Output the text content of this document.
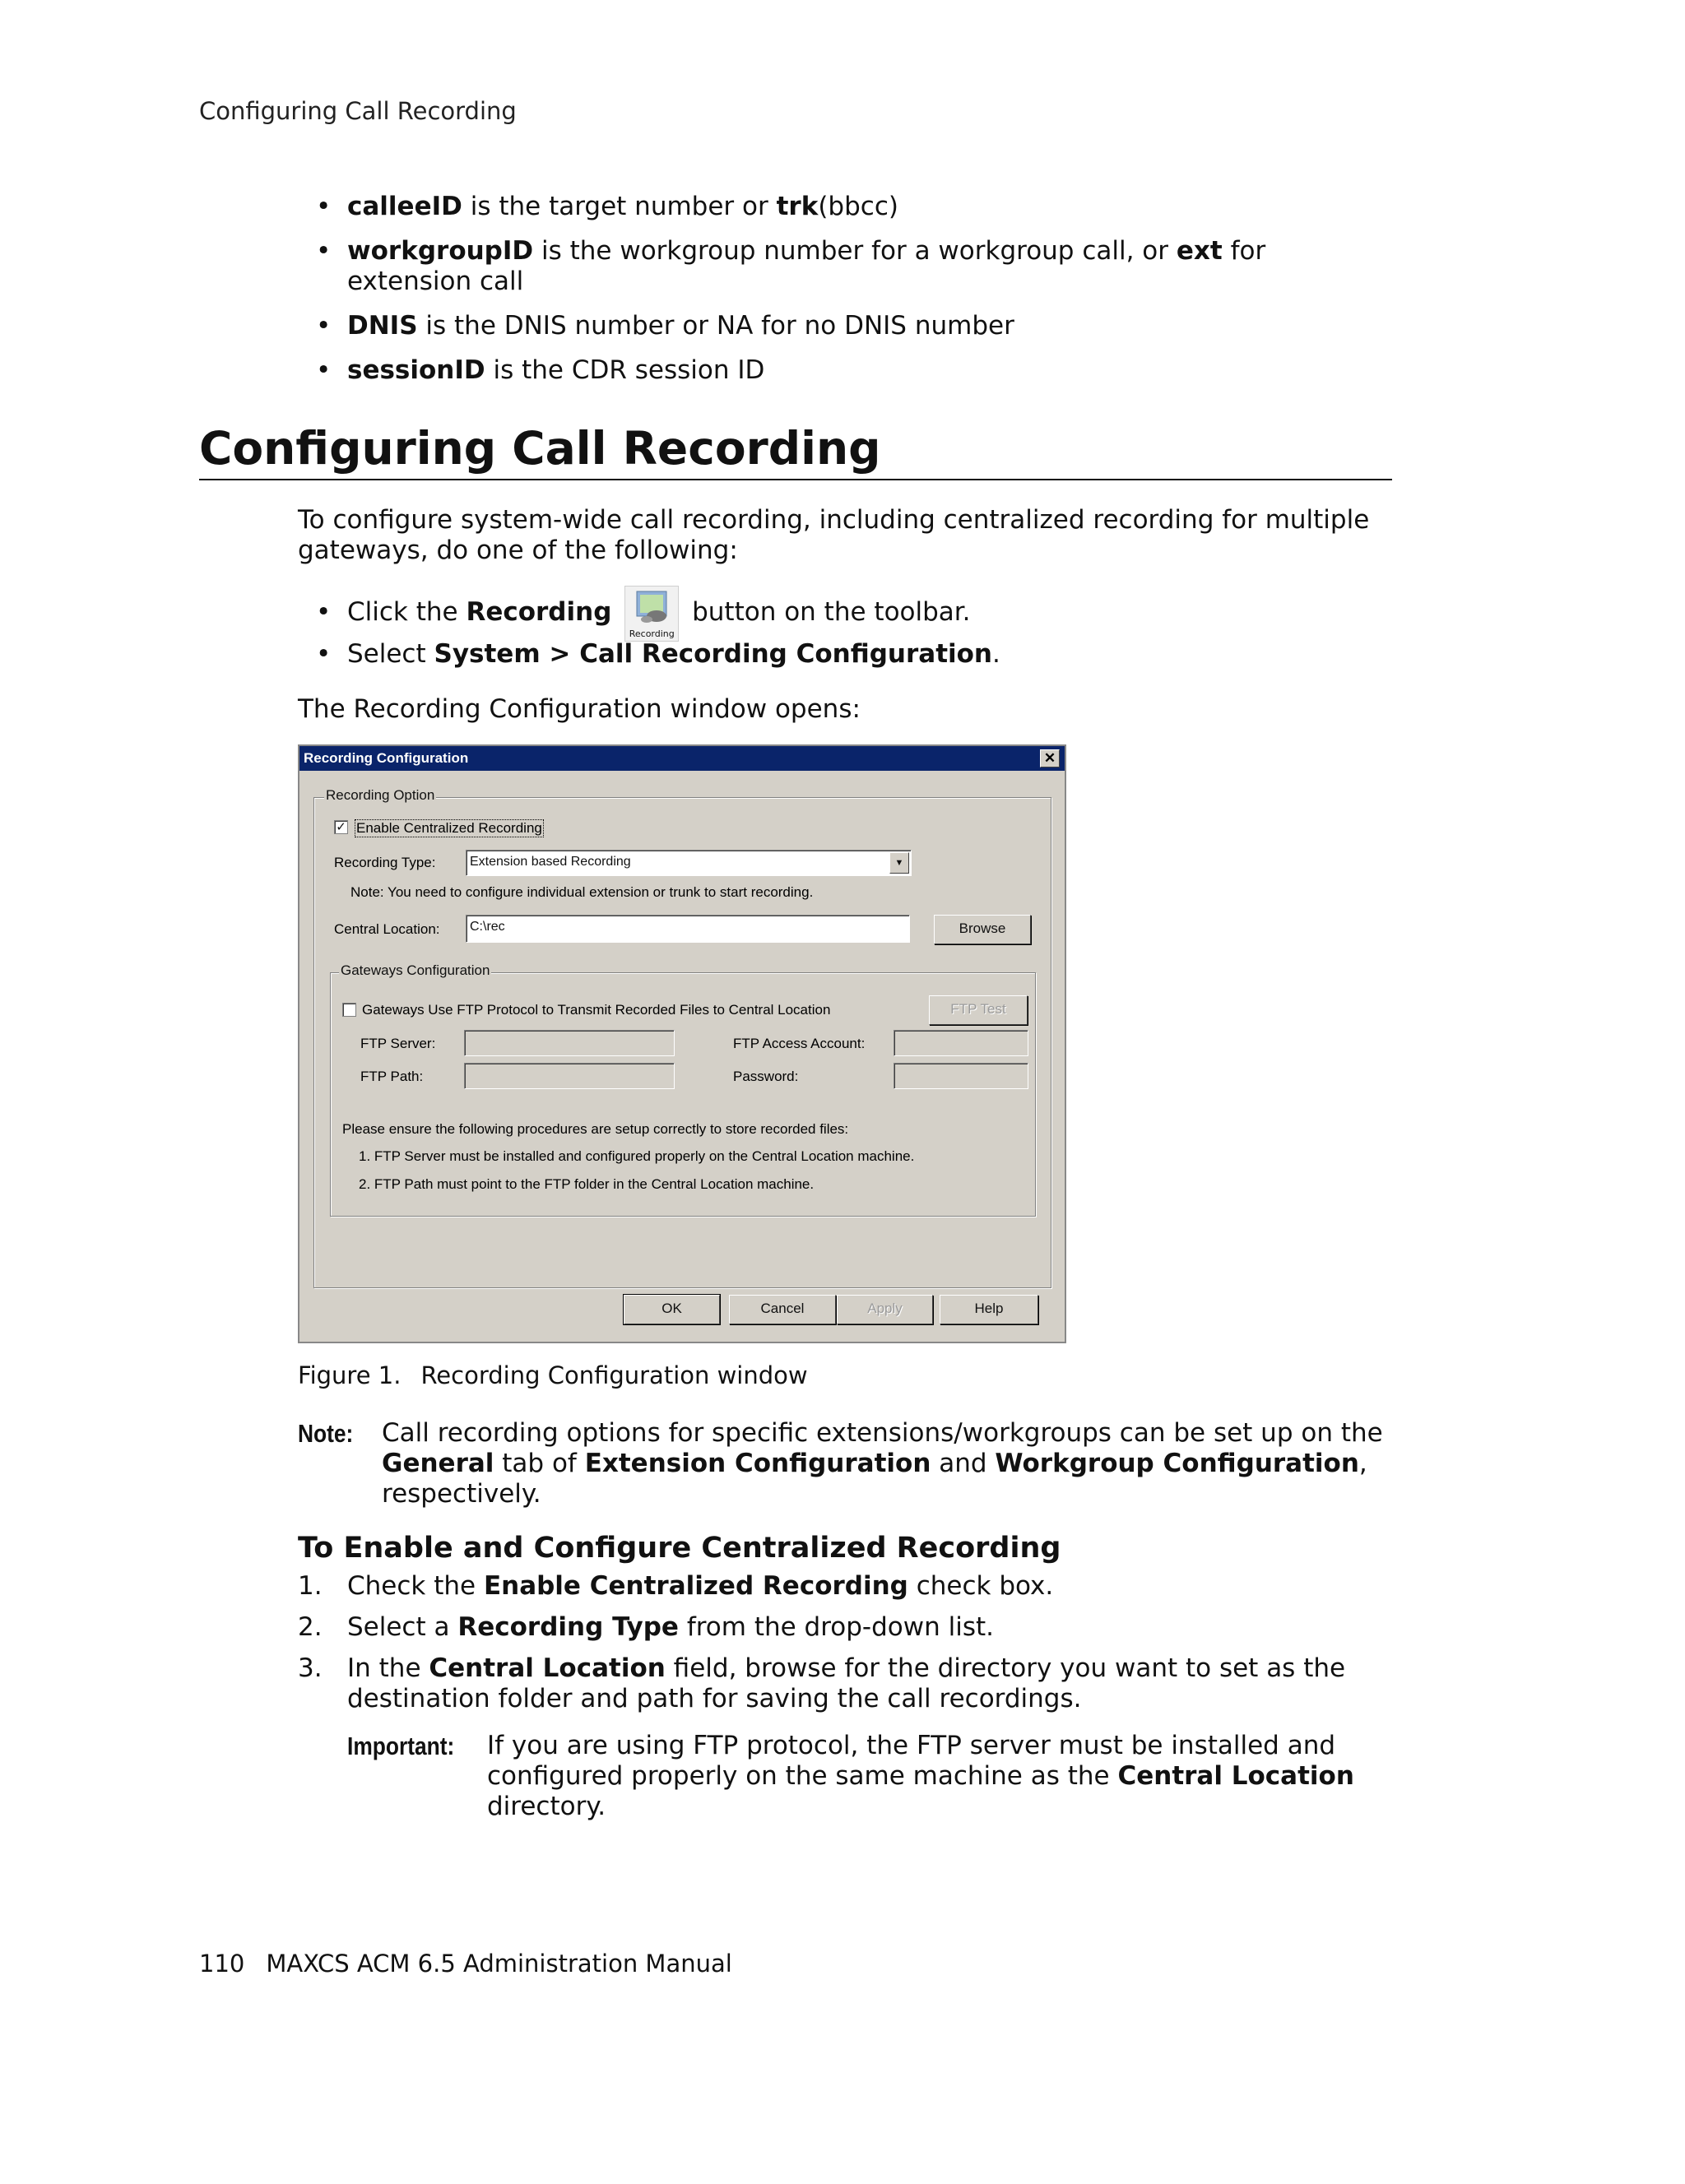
Configuring Call Recording
• calleeID is the target number or trk(bbcc)
• workgroupID is the workgroup number for a workgroup call, or ext for extension call
• DNIS is the DNIS number or NA for no DNIS number
• sessionID is the CDR session ID
Configuring Call Recording
To configure system-wide call recording, including centralized recording for multiple gateways, do one of the following:
• Click the Recording
Recording
button on the toolbar.
• Select System > Call Recording Configuration.
The Recording Configuration window opens:
Recording Configuration	✕
Recording Option
✓ Enable Centralized Recording
Recording Type:	Extension based Recording	▼
Note: You need to configure individual extension or trunk to start recording.
Central Location:	C:\rec	Browse
Gateways Configuration
Gateways Use FTP Protocol to Transmit Recorded Files to Central Location	FTP Test
FTP Server:	FTP Access Account:
FTP Path:	Password:
Please ensure the following procedures are setup correctly to store recorded files:
1. FTP Server must be installed and configured properly on the Central Location machine.
2. FTP Path must point to the FTP folder in the Central Location machine.
OK	Cancel	Apply	Help
Figure 1. Recording Configuration window
Note: Call recording options for specific extensions/workgroups can be set up on the General tab of Extension Configuration and Workgroup Configuration, respectively.
To Enable and Configure Centralized Recording
1. Check the Enable Centralized Recording check box.
2. Select a Recording Type from the drop-down list.
3. In the Central Location field, browse for the directory you want to set as the destination folder and path for saving the call recordings.
Important: If you are using FTP protocol, the FTP server must be installed and configured properly on the same machine as the Central Location directory.
110 MAXCS ACM 6.5 Administration Manual
